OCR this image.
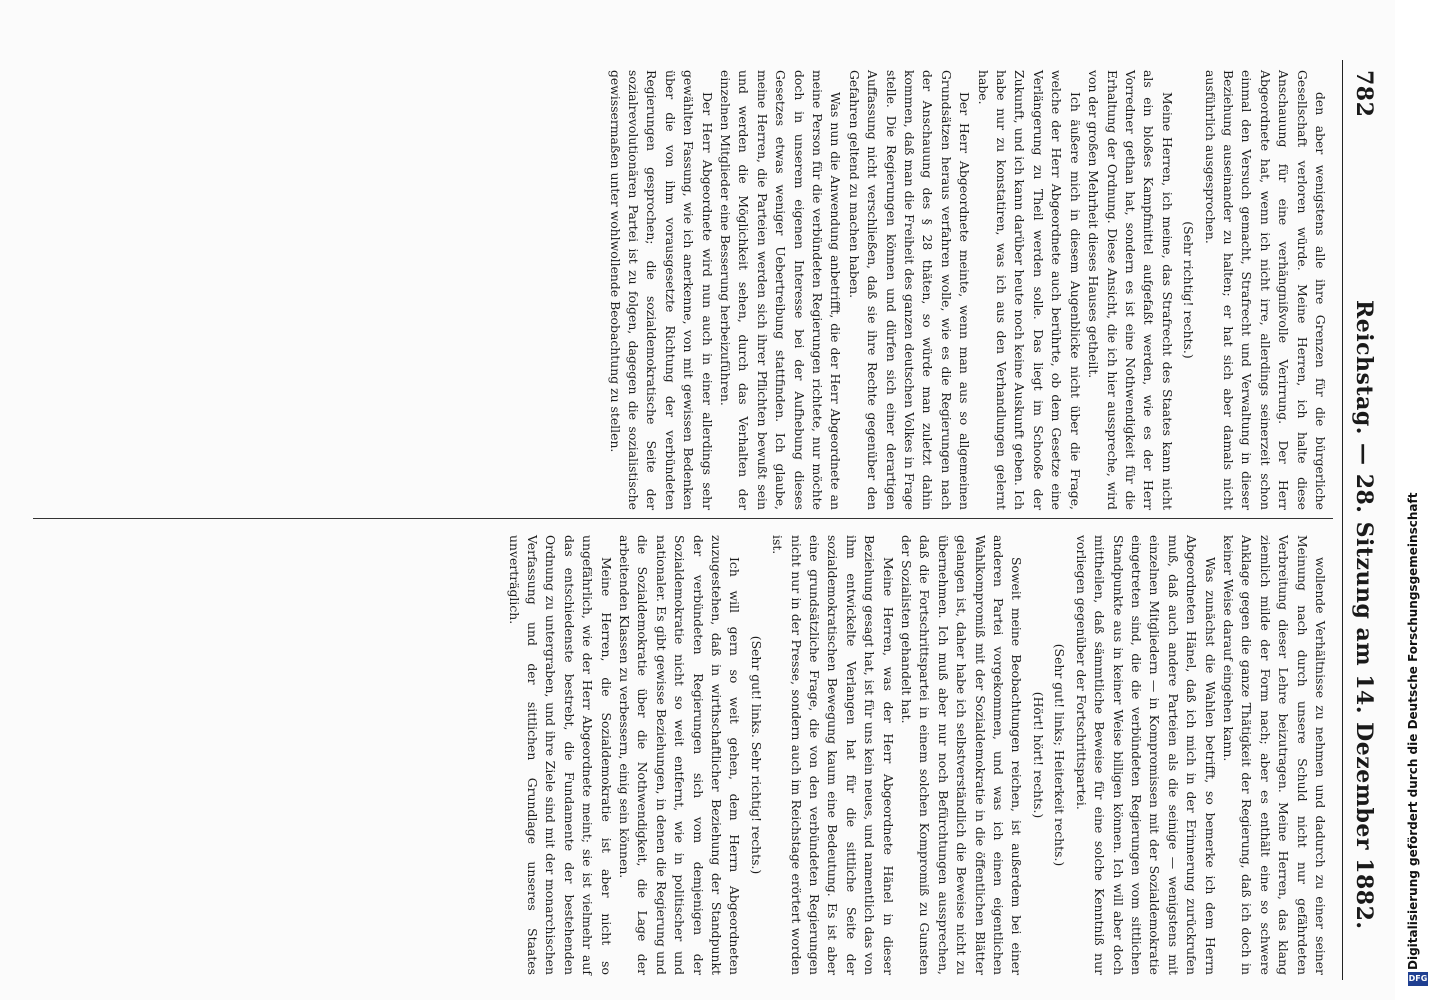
782
Reichstag. — 28. Sitzung am 14. Dezember 1882.

den aber wenigstens alle ihre Grenzen für die bürgerliche Gesellschaft verloren würde. Meine Herren, ich halte diese Anschauung für eine verhängnißvolle Verirrung. Der Herr Abgeordnete hat, wenn ich nicht irre, allerdings seinerzeit schon einmal den Versuch gemacht, Strafrecht und Verwaltung in dieser Beziehung auseinander zu halten; er hat sich aber damals nicht ausführlich ausgesprochen.

(Sehr richtig! rechts.)

Meine Herren, ich meine, das Strafrecht des Staates kann nicht als ein bloßes Kampfmittel aufgefaßt werden, wie es der Herr Vorredner gethan hat, sondern es ist eine Nothwendigkeit für die Erhaltung der Ordnung. Diese Ansicht, die ich hier ausspreche, wird von der großen Mehrheit dieses Hauses getheilt.

Ich äußere mich in diesem Augenblicke nicht über die Frage, welche der Herr Abgeordnete auch berührte, ob dem Gesetze eine Verlängerung zu Theil werden solle. Das liegt im Schooße der Zukunft, und ich kann darüber heute noch keine Auskunft geben. Ich habe nur zu konstatiren, was ich aus den Verhandlungen gelernt habe.

Der Herr Abgeordnete meinte, wenn man aus so allgemeinen Grundsätzen heraus verfahren wolle, wie es die Regierungen nach der Anschauung des § 28 thäten, so würde man zuletzt dahin kommen, daß man die Freiheit des ganzen deutschen Volkes in Frage stelle. Die Regierungen können und dürfen sich einer derartigen Auffassung nicht verschließen, daß sie ihre Rechte gegenüber den Gefahren geltend zu machen haben.

Was nun die Anwendung anbetrifft, die der Herr Abgeordnete an meine Person für die verbündeten Regierungen richtete, nur möchte doch in unserem eigenen Interesse bei der Aufhebung dieses Gesetzes etwas weniger Uebertreibung stattfinden. Ich glaube, meine Herren, die Parteien werden sich ihrer Pflichten bewußt sein und werden die Möglichkeit sehen, durch das Verhalten der einzelnen Mitglieder eine Besserung herbeizuführen.

Der Herr Abgeordnete wird nun auch in einer allerdings sehr gewählten Fassung, wie ich anerkenne, von mit gewissen Bedenken über die von ihm vorausgesetzte Richtung der verbündeten Regierungen gesprochen; die sozialdemokratische Seite der sozialrevolutionären Partei ist zu folgen, dagegen die sozialistische gewissermaßen unter wohlwollende Beobachtung zu stellen.

wollende Verhältnisse zu nehmen und dadurch zu einer seiner Meinung nach durch unsere Schuld nicht nur gefährdeten Verbreitung dieser Lehre beizutragen. Meine Herren, das klang ziemlich milde der Form nach; aber es enthält eine so schwere Anklage gegen die ganze Thätigkeit der Regierung, daß ich doch in keiner Weise darauf eingehen kann.

Was zunächst die Wahlen betrifft, so bemerke ich dem Herrn Abgeordneten Hänel, daß ich mich in der Erinnerung zurückrufen muß, daß auch andere Parteien als die seinige — wenigstens mit einzelnen Mitgliedern — in Kompromissen mit der Sozialdemokratie eingetreten sind, die die verbündeten Regierungen vom sittlichen Standpunkte aus in keiner Weise billigen können. Ich will aber doch mittheilen, daß sämmtliche Beweise für eine solche Kenntniß nur vorliegen gegenüber der Fortschrittspartei.

(Sehr gut! links; Heiterkeit rechts.)

(Hört! hört! rechts.)

Soweit meine Beobachtungen reichen, ist außerdem bei einer anderen Partei vorgekommen, und was ich einen eigentlichen Wahlkompromiß mit der Sozialdemokratie in die öffentlichen Blätter gelangen ist, daher habe ich selbstverständlich die Beweise nicht zu übernehmen. Ich muß aber nur noch Befürchtungen aussprechen, daß die Fortschrittspartei in einem solchen Kompromiß zu Gunsten der Sozialisten gehandelt hat.

Meine Herren, was der Herr Abgeordnete Hänel in dieser Beziehung gesagt hat, ist für uns kein neues, und namentlich das von ihm entwickelte Verlangen hat für die sittliche Seite der sozialdemokratischen Bewegung kaum eine Bedeutung. Es ist aber eine grundsätzliche Frage, die von den verbündeten Regierungen nicht nur in der Presse, sondern auch im Reichstage erörtert worden ist.

(Sehr gut! links. Sehr richtig! rechts.)

Ich will gern so weit gehen, dem Herrn Abgeordneten zuzugestehen, daß in wirthschaftlicher Beziehung der Standpunkt der verbündeten Regierungen sich vom demjenigen der Sozialdemokratie nicht so weit entfernt, wie in politischer und nationaler. Es gibt gewisse Beziehungen, in denen die Regierung und die Sozialdemokratie über die Nothwendigkeit, die Lage der arbeitenden Klassen zu verbessern, einig sein können.

Meine Herren, die Sozialdemokratie ist aber nicht so ungefährlich, wie der Herr Abgeordnete meint; sie ist vielmehr auf das entschiedenste bestrebt, die Fundamente der bestehenden Ordnung zu untergraben, und ihre Ziele sind mit der monarchischen Verfassung und der sittlichen Grundlage unseres Staates unverträglich.	Digitalisierung gefördert durch die Deutsche Forschungsgemeinschaft
DFG
